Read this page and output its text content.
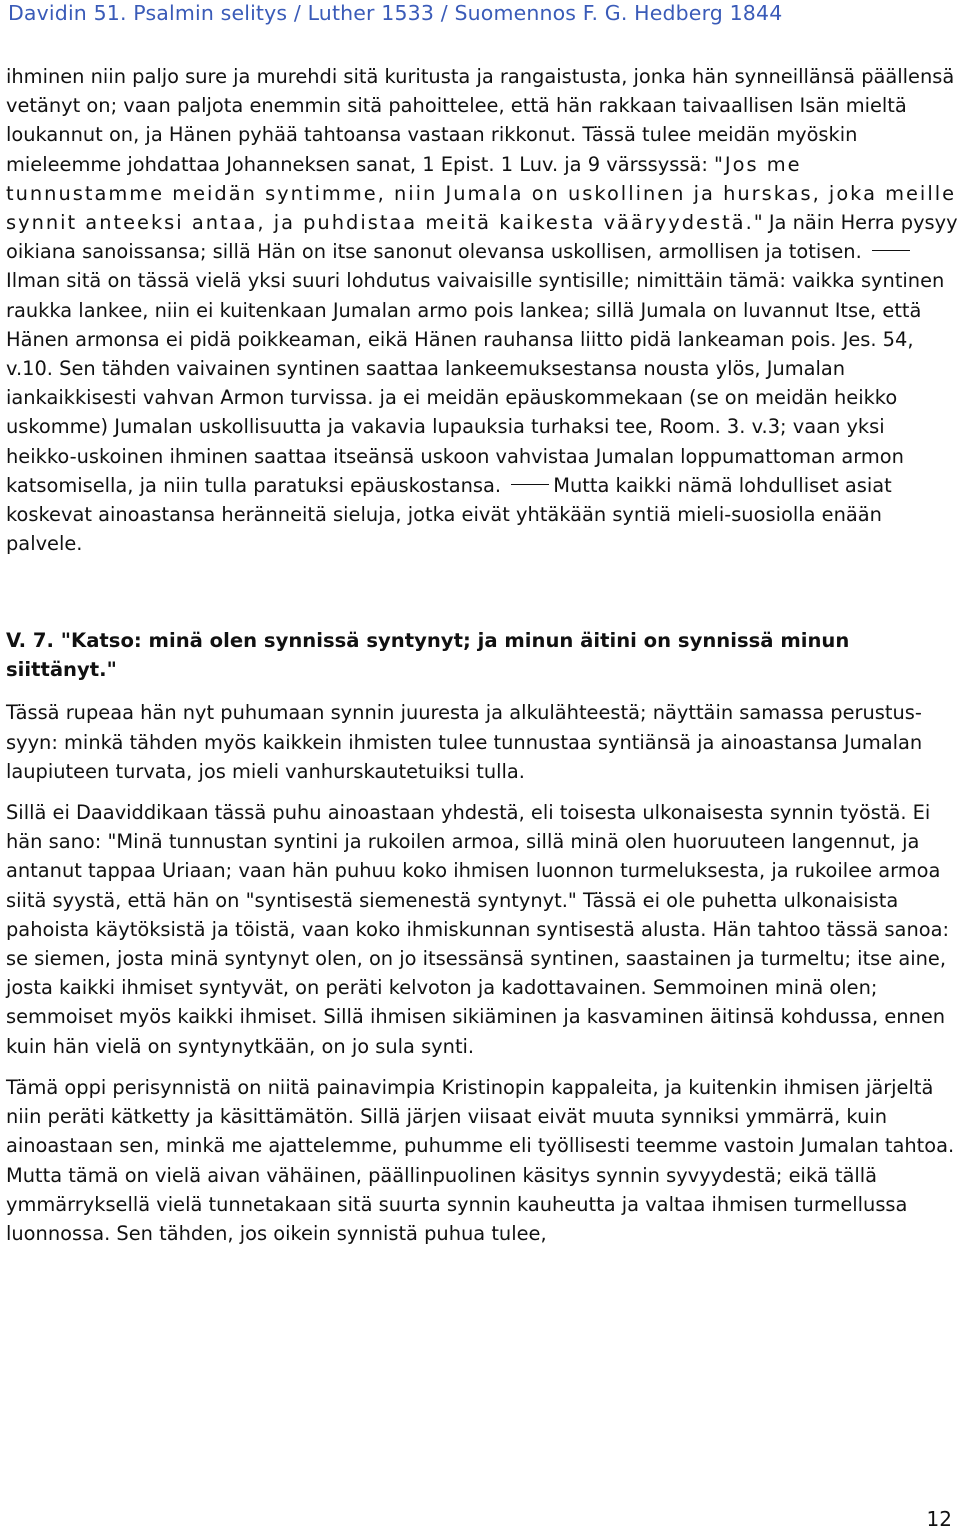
Davidin 51. Psalmin selitys / Luther 1533 / Suomennos F. G. Hedberg 1844

ihminen niin paljo sure ja murehdi sitä kuritusta ja rangaistusta, jonka hän synneillänsä päällensä vetänyt on; vaan paljota enemmin sitä pahoittelee, että hän rakkaan taivaallisen Isän mieltä loukannut on, ja Hänen pyhää tahtoansa vastaan rikkonut. Tässä tulee meidän myöskin mieleemme johdattaa Johanneksen sanat, 1 Epist. 1 Luv. ja 9 värssyssä: "Jos me tunnustamme meidän syntimme, niin Jumala on uskollinen ja hurskas, joka meille synnit anteeksi antaa, ja puhdistaa meitä kaikesta vääryydestä." Ja näin Herra pysyy oikiana sanoissansa; sillä Hän on itse sanonut olevansa uskollisen, armollisen ja totisen. Ilman sitä on tässä vielä yksi suuri lohdutus vaivaisille syntisille; nimittäin tämä: vaikka syntinen raukka lankee, niin ei kuitenkaan Jumalan armo pois lankea; sillä Jumala on luvannut Itse, että Hänen armonsa ei pidä poikkeaman, eikä Hänen rauhansa liitto pidä lankeaman pois. Jes. 54, v.10. Sen tähden vaivainen syntinen saattaa lankeemuksestansa nousta ylös, Jumalan iankaikkisesti vahvan Armon turvissa. ja ei meidän epäuskommekaan (se on meidän heikko uskomme) Jumalan uskollisuutta ja vakavia lupauksia turhaksi tee, Room. 3. v.3; vaan yksi heikko-uskoinen ihminen saattaa itseänsä uskoon vahvistaa Jumalan loppumattoman armon katsomisella, ja niin tulla paratuksi epäuskostansa.	Mutta kaikki nämä lohdulliset asiat koskevat ainoastansa heränneitä sieluja, jotka eivät yhtäkään syntiä mieli-suosiolla enään palvele.

V. 7. "Katso: minä olen synnissä syntynyt; ja minun äitini on synnissä minun siittänyt."

Tässä rupeaa hän nyt puhumaan synnin juuresta ja alkulähteestä; näyttäin samassa perustus-syyn: minkä tähden myös kaikkein ihmisten tulee tunnustaa syntiänsä ja ainoastansa Jumalan laupiuteen turvata, jos mieli vanhurskautetuiksi tulla.

Sillä ei Daaviddikaan tässä puhu ainoastaan yhdestä, eli toisesta ulkonaisesta synnin työstä. Ei hän sano: "Minä tunnustan syntini ja rukoilen armoa, sillä minä olen huoruuteen langennut, ja antanut tappaa Uriaan; vaan hän puhuu koko ihmisen luonnon turmeluksesta, ja rukoilee armoa siitä syystä, että hän on "syntisestä siemenestä syntynyt." Tässä ei ole puhetta ulkonaisista pahoista käytöksistä ja töistä, vaan koko ihmiskunnan syntisestä alusta. Hän tahtoo tässä sanoa: se siemen, josta minä syntynyt olen, on jo itsessänsä syntinen, saastainen ja turmeltu; itse aine, josta kaikki ihmiset syntyvät, on peräti kelvoton ja kadottavainen. Semmoinen minä olen; semmoiset myös kaikki ihmiset. Sillä ihmisen sikiäminen ja kasvaminen äitinsä kohdussa, ennen kuin hän vielä on syntynytkään, on jo sula synti.

Tämä oppi perisynnistä on niitä painavimpia Kristinopin kappaleita, ja kuitenkin ihmisen järjeltä niin peräti kätketty ja käsittämätön. Sillä järjen viisaat eivät muuta synniksi ymmärrä, kuin ainoastaan sen, minkä me ajattelemme, puhumme eli työllisesti teemme vastoin Jumalan tahtoa. Mutta tämä on vielä aivan vähäinen, päällinpuolinen käsitys synnin syvyydestä; eikä tällä ymmärryksellä vielä tunnetakaan sitä suurta synnin kauheutta ja valtaa ihmisen turmellussa luonnossa. Sen tähden, jos oikein synnistä puhua tulee,

12
